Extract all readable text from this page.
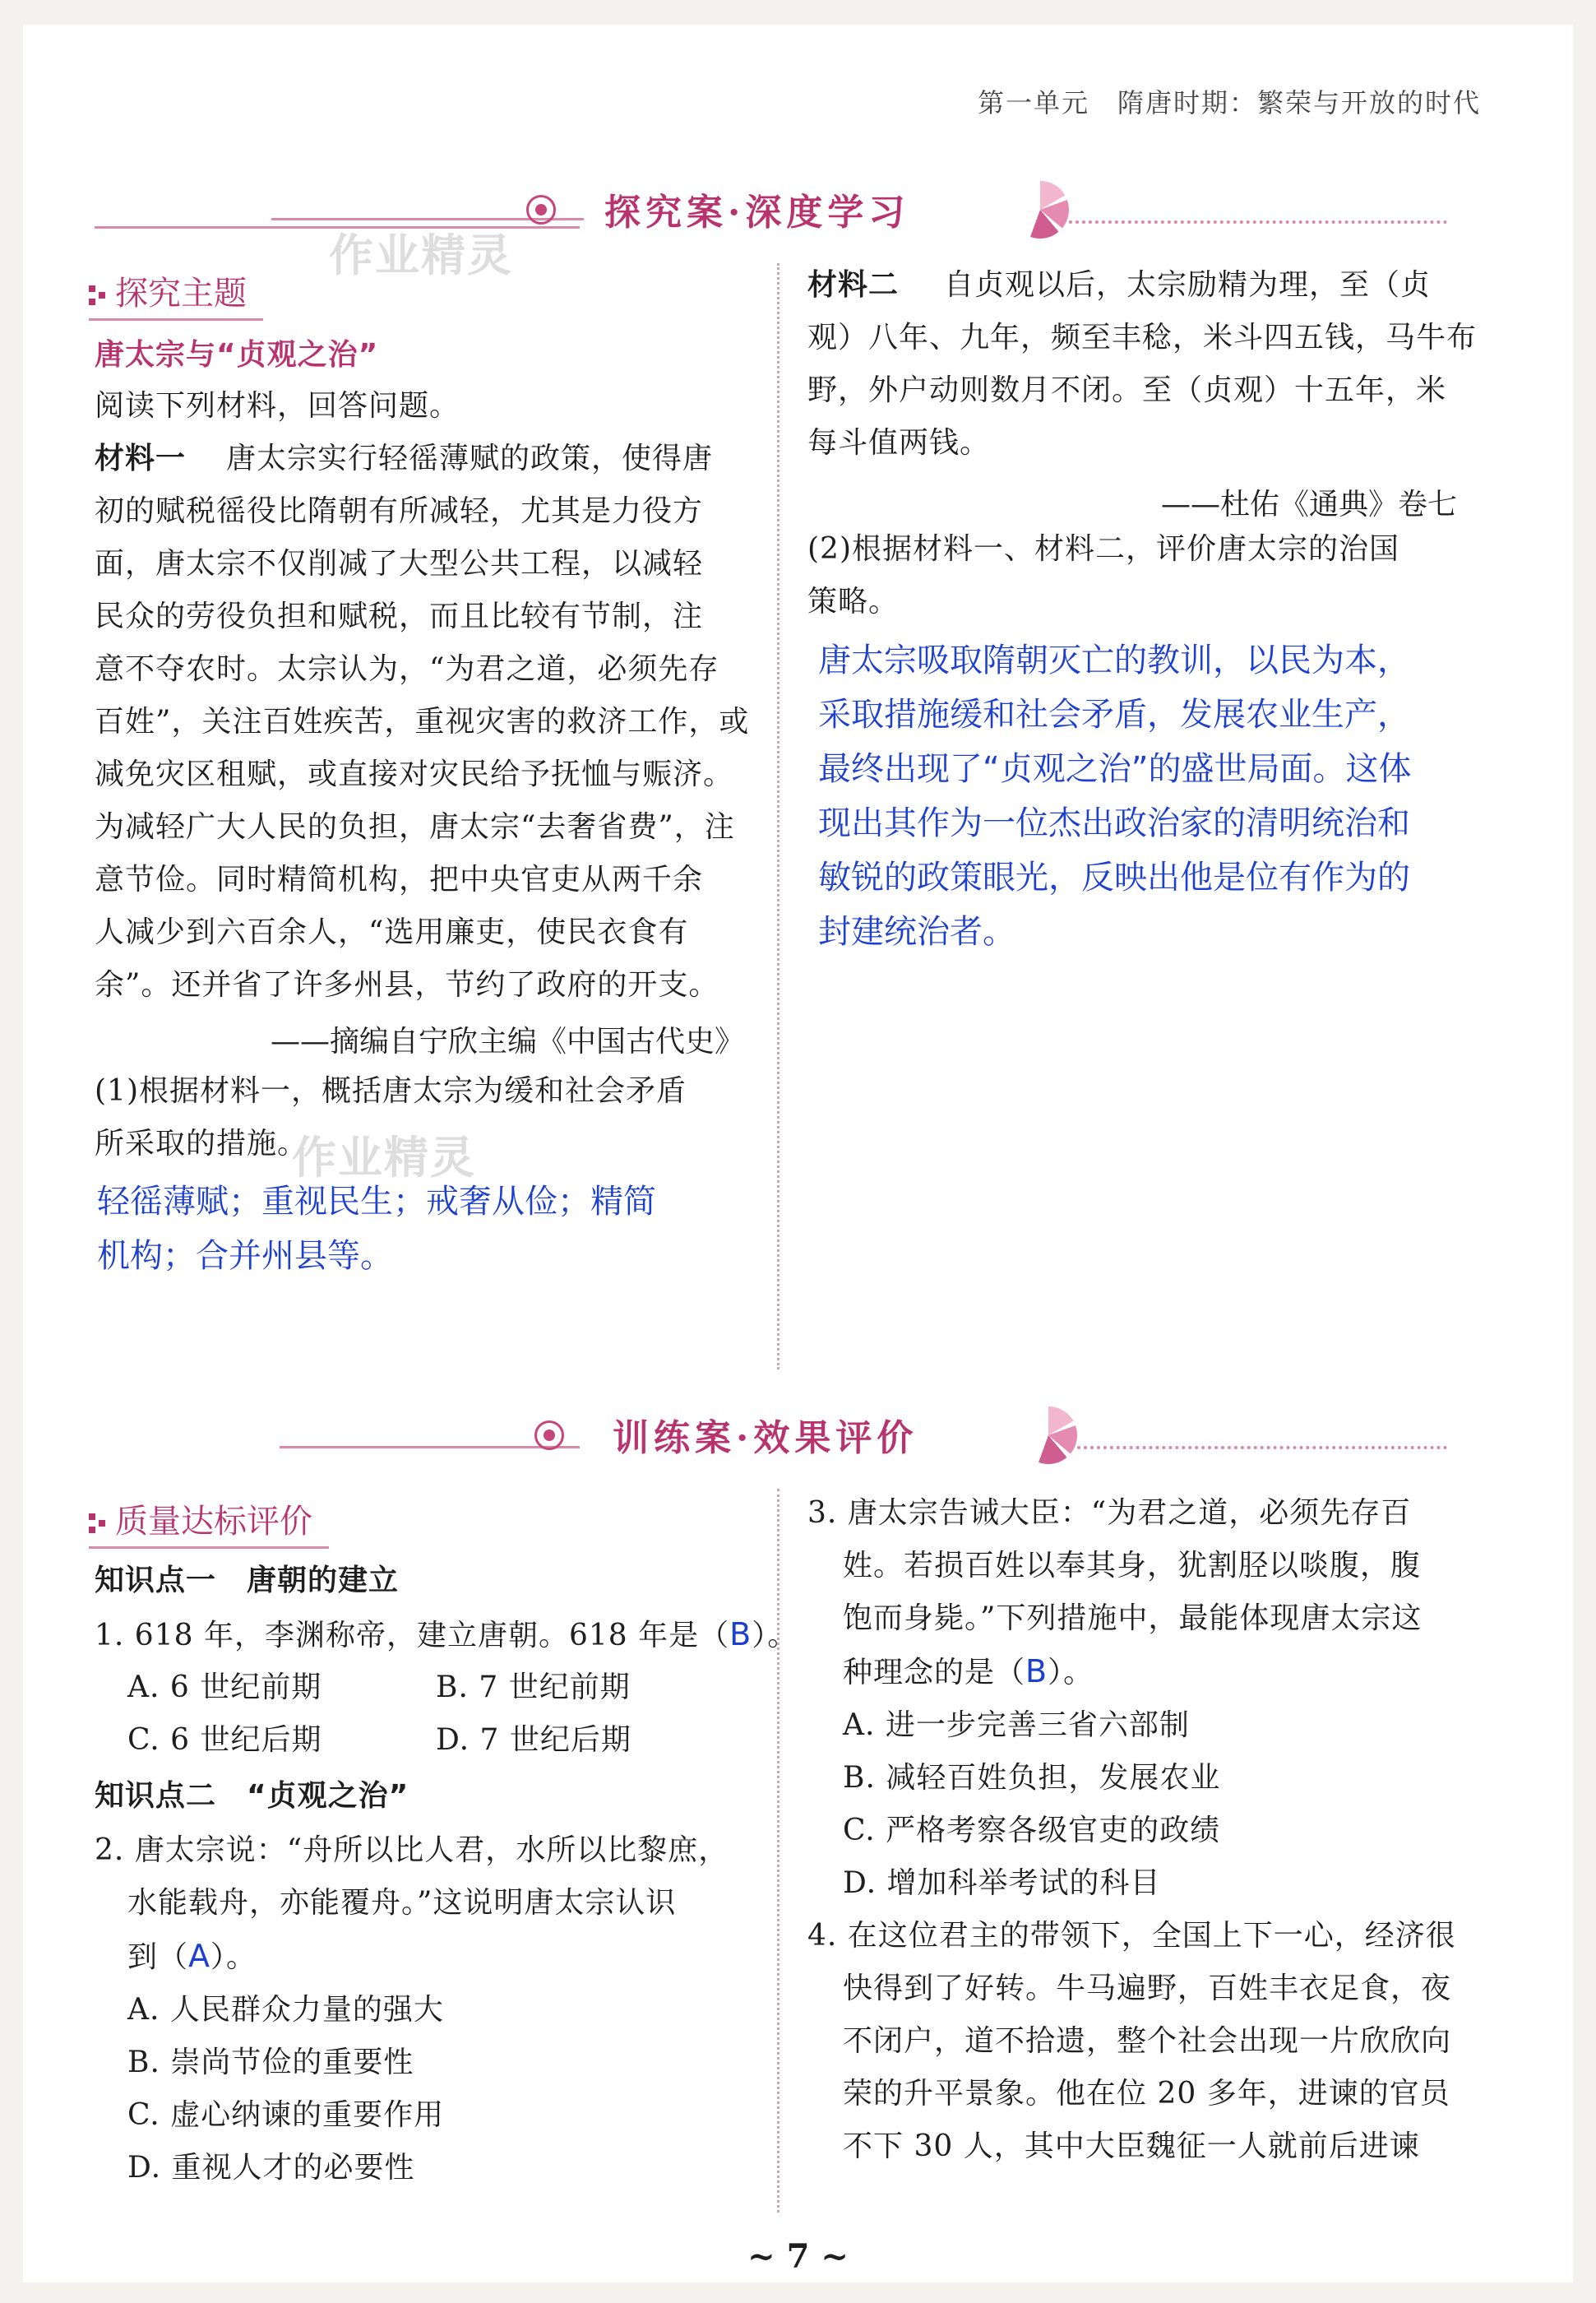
第一单元　隋唐时期：繁荣与开放的时代
探究案·深度学习
作业精灵
探究主题
唐太宗与“贞观之治”
阅读下列材料，回答问题。
材料一 唐太宗实行轻徭薄赋的政策，使得唐
初的赋税徭役比隋朝有所减轻，尤其是力役方
面，唐太宗不仅削减了大型公共工程，以减轻
民众的劳役负担和赋税，而且比较有节制，注
意不夺农时。太宗认为，“为君之道，必须先存
百姓”，关注百姓疾苦，重视灾害的救济工作，或
减免灾区租赋，或直接对灾民给予抚恤与赈济。
为减轻广大人民的负担，唐太宗“去奢省费”，注
意节俭。同时精简机构，把中央官吏从两千余
人减少到六百余人，“选用廉吏，使民衣食有
余”。还并省了许多州县，节约了政府的开支。
——摘编自宁欣主编《中国古代史》
(1)根据材料一，概括唐太宗为缓和社会矛盾
所采取的措施。
作业精灵
轻徭薄赋；重视民生；戒奢从俭；精简
机构；合并州县等。
材料二 自贞观以后，太宗励精为理，至（贞
观）八年、九年，频至丰稔，米斗四五钱，马牛布
野，外户动则数月不闭。至（贞观）十五年，米
每斗值两钱。
——杜佑《通典》卷七
(2)根据材料一、材料二，评价唐太宗的治国
策略。
唐太宗吸取隋朝灭亡的教训，以民为本，
采取措施缓和社会矛盾，发展农业生产，
最终出现了“贞观之治”的盛世局面。这体
现出其作为一位杰出政治家的清明统治和
敏锐的政策眼光，反映出他是位有作为的
封建统治者。
训练案·效果评价
质量达标评价
知识点一　唐朝的建立
1. 618 年，李渊称帝，建立唐朝。618 年是（B）。
A. 6 世纪前期	B. 7 世纪前期
C. 6 世纪后期	D. 7 世纪后期
知识点二　“贞观之治”
2. 唐太宗说：“舟所以比人君，水所以比黎庶，
水能载舟，亦能覆舟。”这说明唐太宗认识
到（A）。
A. 人民群众力量的强大
B. 崇尚节俭的重要性
C. 虚心纳谏的重要作用
D. 重视人才的必要性
3. 唐太宗告诫大臣：“为君之道，必须先存百
姓。若损百姓以奉其身，犹割胫以啖腹，腹
饱而身毙。”下列措施中，最能体现唐太宗这
种理念的是（B）。
A. 进一步完善三省六部制
B. 减轻百姓负担，发展农业
C. 严格考察各级官吏的政绩
D. 增加科举考试的科目
4. 在这位君主的带领下，全国上下一心，经济很
快得到了好转。牛马遍野，百姓丰衣足食，夜
不闭户，道不拾遗，整个社会出现一片欣欣向
荣的升平景象。他在位 20 多年，进谏的官员
不下 30 人，其中大臣魏征一人就前后进谏
~ 7 ~
